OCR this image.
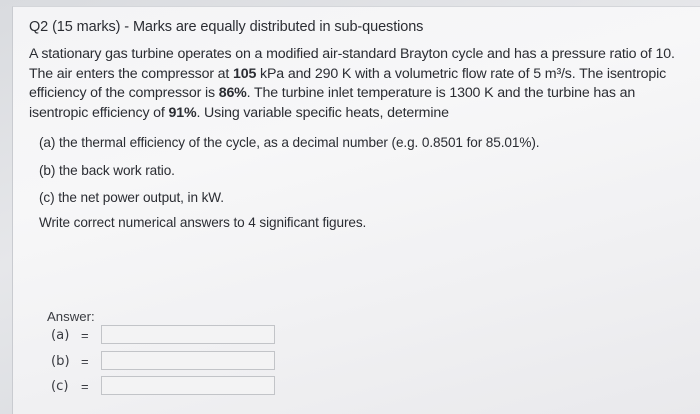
Q2 (15 marks) - Marks are equally distributed in sub-questions
A stationary gas turbine operates on a modified air-standard Brayton cycle and has a pressure ratio of 10.
The air enters the compressor at 105 kPa and 290 K with a volumetric flow rate of 5 m³/s. The isentropic
efficiency of the compressor is 86%. The turbine inlet temperature is 1300 K and the turbine has an
isentropic efficiency of 91%. Using variable specific heats, determine
(a) the thermal efficiency of the cycle, as a decimal number (e.g. 0.8501 for 85.01%).
(b) the back work ratio.
(c) the net power output, in kW.
Write correct numerical answers to 4 significant figures.
Answer:
(a) =
(b) =
(c) =
